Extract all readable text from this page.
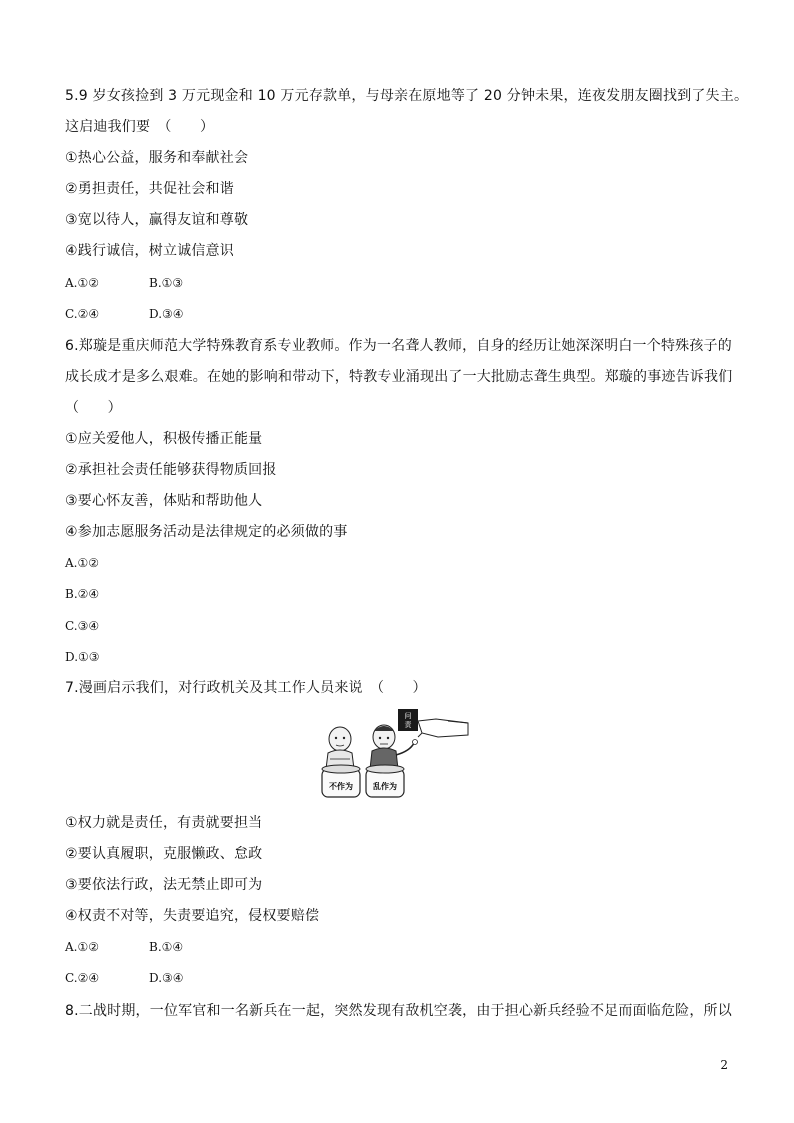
5.9 岁女孩捡到 3 万元现金和 10 万元存款单，与母亲在原地等了 20 分钟未果，连夜发朋友圈找到了失主。
这启迪我们要　（　　）
①热心公益，服务和奉献社会
②勇担责任，共促社会和谐
③宽以待人，赢得友谊和尊敬
④践行诚信，树立诚信意识
A.①②	B.①③
C.②④	D.③④
6.郑璇是重庆师范大学特殊教育系专业教师。作为一名聋人教师，自身的经历让她深深明白一个特殊孩子的
成长成才是多么艰难。在她的影响和带动下，特教专业涌现出了一大批励志聋生典型。郑璇的事迹告诉我们
（　　）
①应关爱他人，积极传播正能量
②承担社会责任能够获得物质回报
③要心怀友善，体贴和帮助他人
④参加志愿服务活动是法律规定的必须做的事
A.①②
B.②④
C.③④
D.①③
7.漫画启示我们，对行政机关及其工作人员来说　（　　）
问
责
不作为	乱作为
①权力就是责任，有责就要担当
②要认真履职，克服懒政、怠政
③要依法行政，法无禁止即可为
④权责不对等，失责要追究，侵权要赔偿
A.①②	B.①④
C.②④	D.③④
8.二战时期，一位军官和一名新兵在一起，突然发现有敌机空袭，由于担心新兵经验不足而面临危险，所以
2
